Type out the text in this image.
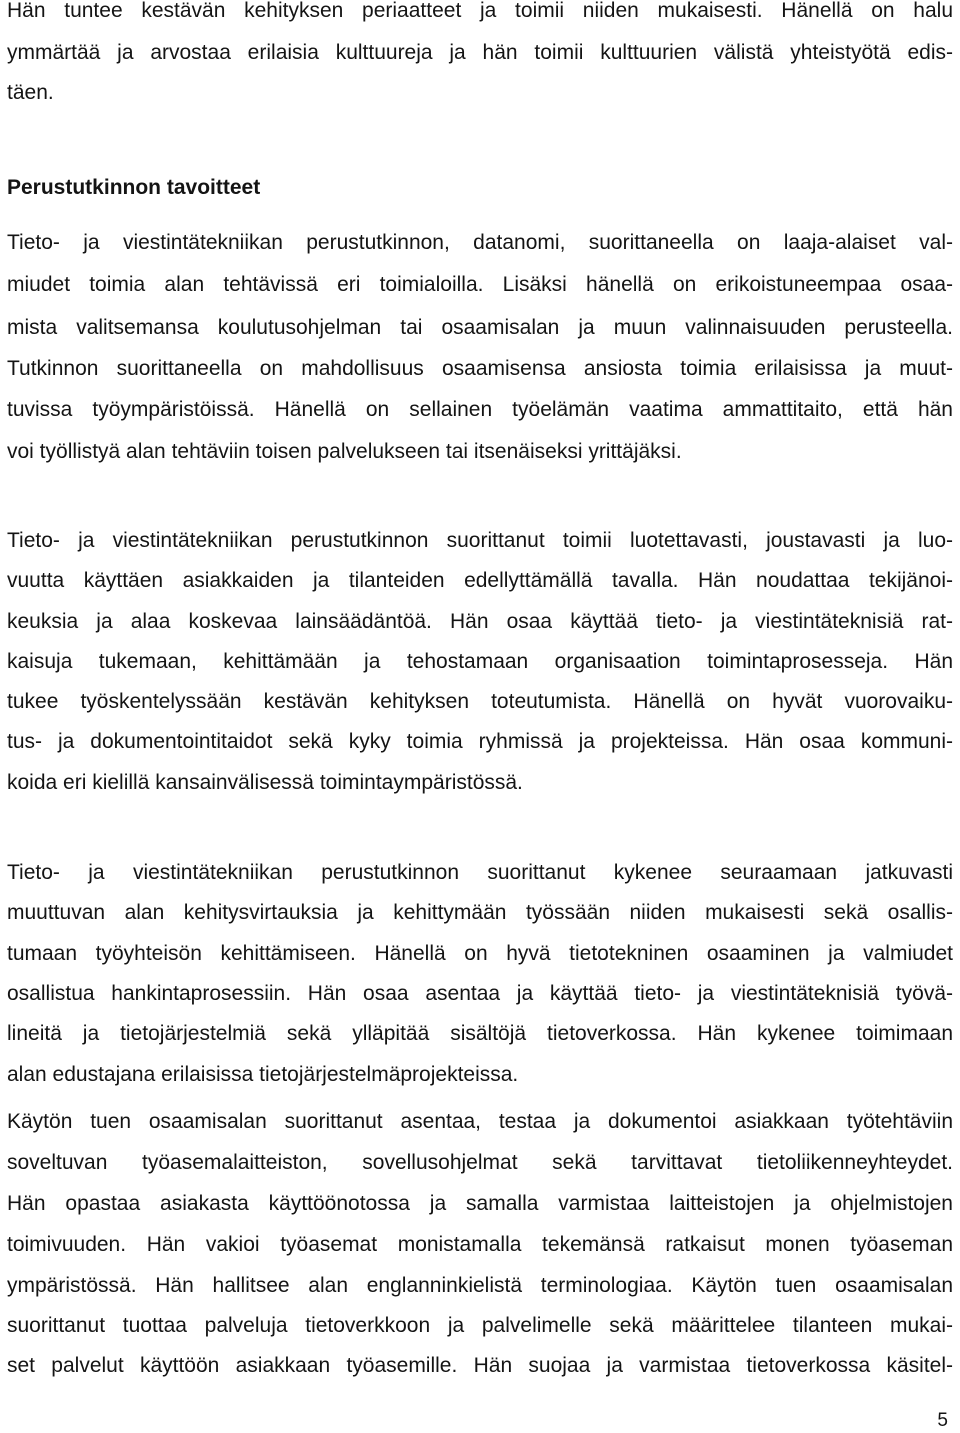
Hän tuntee kestävän kehityksen periaatteet ja toimii niiden mukaisesti. Hänellä on halu
ymmärtää ja arvostaa erilaisia kulttuureja ja hän toimii kulttuurien välistä yhteistyötä edis-
täen.
Perustutkinnon tavoitteet
Tieto- ja viestintätekniikan perustutkinnon, datanomi, suorittaneella on laaja-alaiset val-
miudet toimia alan tehtävissä eri toimialoilla. Lisäksi hänellä on erikoistuneempaa osaa-
mista valitsemansa koulutusohjelman tai osaamisalan ja muun valinnaisuuden perusteella.
Tutkinnon suorittaneella on mahdollisuus osaamisensa ansiosta toimia erilaisissa ja muut-
tuvissa työympäristöissä. Hänellä on sellainen työelämän vaatima ammattitaito, että hän
voi työllistyä alan tehtäviin toisen palvelukseen tai itsenäiseksi yrittäjäksi.
Tieto- ja viestintätekniikan perustutkinnon suorittanut toimii luotettavasti, joustavasti ja luo-
vuutta käyttäen asiakkaiden ja tilanteiden edellyttämällä tavalla. Hän noudattaa tekijänoi-
keuksia ja alaa koskevaa lainsäädäntöä. Hän osaa käyttää tieto- ja viestintäteknisiä rat-
kaisuja tukemaan, kehittämään ja tehostamaan organisaation toimintaprosesseja. Hän
tukee työskentelyssään kestävän kehityksen toteutumista. Hänellä on hyvät vuorovaiku-
tus- ja dokumentointitaidot sekä kyky toimia ryhmissä ja projekteissa. Hän osaa kommuni-
koida eri kielillä kansainvälisessä toimintaympäristössä.
Tieto- ja viestintätekniikan perustutkinnon suorittanut kykenee seuraamaan jatkuvasti
muuttuvan alan kehitysvirtauksia ja kehittymään työssään niiden mukaisesti sekä osallis-
tumaan työyhteisön kehittämiseen. Hänellä on hyvä tietotekninen osaaminen ja valmiudet
osallistua hankintaprosessiin. Hän osaa asentaa ja käyttää tieto- ja viestintäteknisiä työvä-
lineitä ja tietojärjestelmiä sekä ylläpitää sisältöjä tietoverkossa. Hän kykenee toimimaan
alan edustajana erilaisissa tietojärjestelmäprojekteissa.
Käytön tuen osaamisalan suorittanut asentaa, testaa ja dokumentoi asiakkaan työtehtäviin
soveltuvan työasemalaitteiston, sovellusohjelmat sekä tarvittavat tietoliikenneyhteydet.
Hän opastaa asiakasta käyttöönotossa ja samalla varmistaa laitteistojen ja ohjelmistojen
toimivuuden. Hän vakioi työasemat monistamalla tekemänsä ratkaisut monen työaseman
ympäristössä. Hän hallitsee alan englanninkielistä terminologiaa. Käytön tuen osaamisalan
suorittanut tuottaa palveluja tietoverkkoon ja palvelimelle sekä määrittelee tilanteen mukai-
set palvelut käyttöön asiakkaan työasemille. Hän suojaa ja varmistaa tietoverkossa käsitel-
5
